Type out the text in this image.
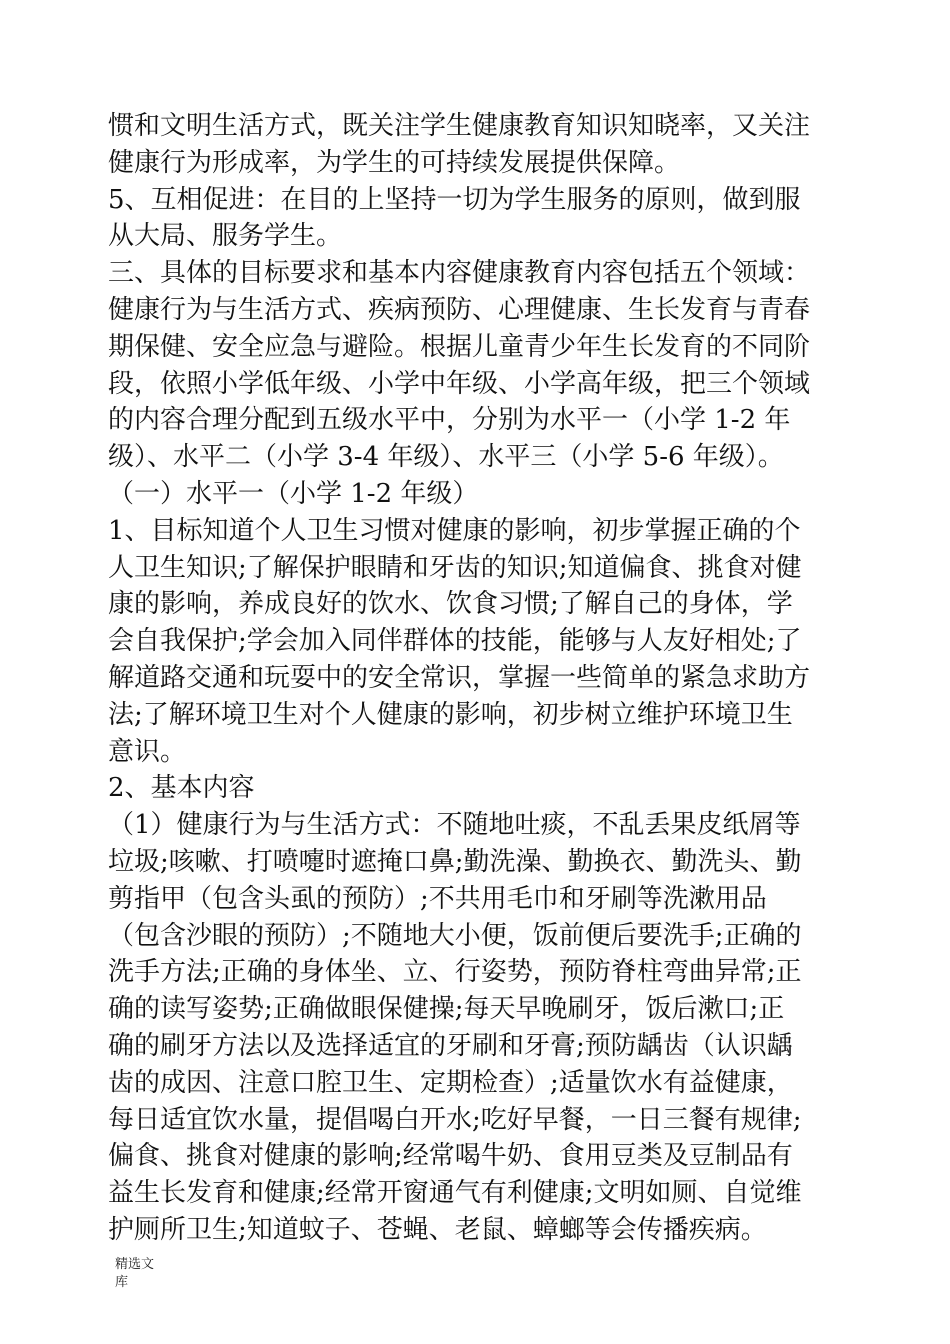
惯和文明生活方式，既关注学生健康教育知识知晓率，又关注
健康行为形成率，为学生的可持续发展提供保障。
5、互相促进：在目的上坚持一切为学生服务的原则，做到服
从大局、服务学生。
三、具体的目标要求和基本内容健康教育内容包括五个领域：
健康行为与生活方式、疾病预防、心理健康、生长发育与青春
期保健、安全应急与避险。根据儿童青少年生长发育的不同阶
段，依照小学低年级、小学中年级、小学高年级，把三个领域
的内容合理分配到五级水平中，分别为水平一（小学 1-2 年
级）、水平二（小学 3-4 年级）、水平三（小学 5-6 年级）。
（一）水平一（小学 1-2 年级）
1、目标知道个人卫生习惯对健康的影响，初步掌握正确的个
人卫生知识;了解保护眼睛和牙齿的知识;知道偏食、挑食对健
康的影响，养成良好的饮水、饮食习惯;了解自己的身体，学
会自我保护;学会加入同伴群体的技能，能够与人友好相处;了
解道路交通和玩耍中的安全常识，掌握一些简单的紧急求助方
法;了解环境卫生对个人健康的影响，初步树立维护环境卫生
意识。
2、基本内容
（1）健康行为与生活方式：不随地吐痰，不乱丢果皮纸屑等
垃圾;咳嗽、打喷嚏时遮掩口鼻;勤洗澡、勤换衣、勤洗头、勤
剪指甲（包含头虱的预防）;不共用毛巾和牙刷等洗漱用品
（包含沙眼的预防）;不随地大小便，饭前便后要洗手;正确的
洗手方法;正确的身体坐、立、行姿势，预防脊柱弯曲异常;正
确的读写姿势;正确做眼保健操;每天早晚刷牙，饭后漱口;正
确的刷牙方法以及选择适宜的牙刷和牙膏;预防龋齿（认识龋
齿的成因、注意口腔卫生、定期检查）;适量饮水有益健康，
每日适宜饮水量，提倡喝白开水;吃好早餐，一日三餐有规律;
偏食、挑食对健康的影响;经常喝牛奶、食用豆类及豆制品有
益生长发育和健康;经常开窗通气有利健康;文明如厕、自觉维
护厕所卫生;知道蚊子、苍蝇、老鼠、蟑螂等会传播疾病。
精选文
库
